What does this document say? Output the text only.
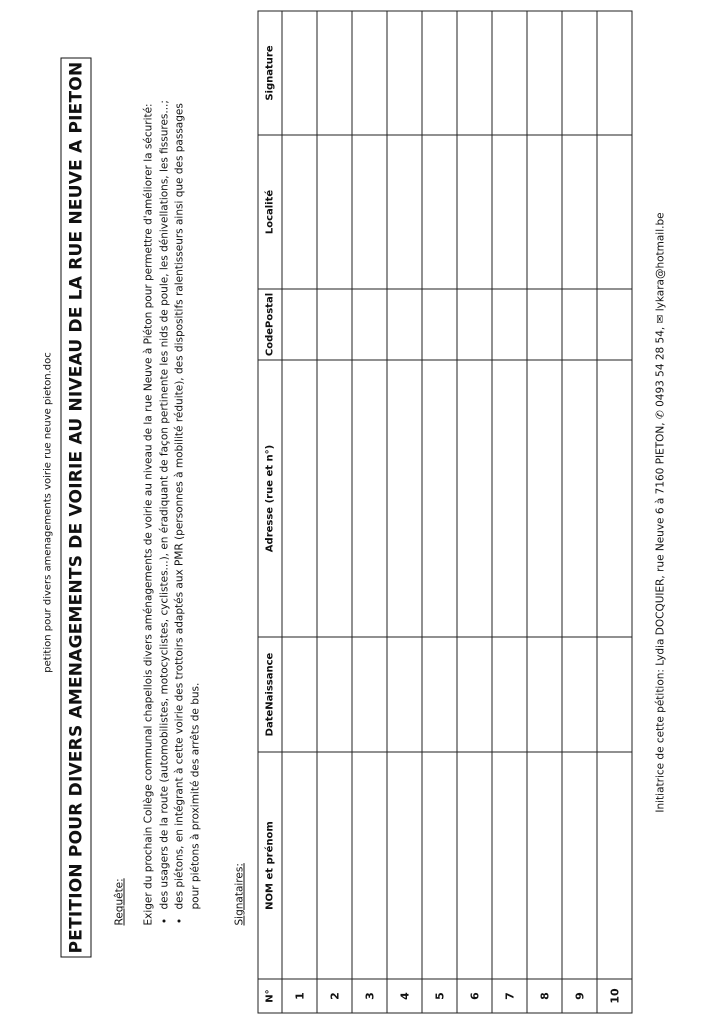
petition pour divers amenagements voirie rue neuve pieton.doc PETITION POUR DIVERS AMENAGEMENTS DE VOIRIE AU NIVEAU DE LA RUE NEUVE A PIETON	Requête: Exiger du prochain Collège communal chapellois divers aménagements de voirie au niveau de la rue Neuve à Piéton pour permettre d'améliorer la sécurité: • des usagers de la route (automobilistes, motocyclistes, cyclistes...), en éradiquant de façon pertinente les nids de poule, les dénivellations, les fissures...; • des piétons, en intégrant à cette voirie des trottoirs adaptés aux PMR (personnes à mobilité réduite), des dispositifs ralentisseurs ainsi que des passages pour piétons à proximité des arrêts de bus.	Signataires:
N°	NOM et prénom	DateNaissance	Adresse (rue et n°)	CodePostal	Localité	Signature
1						
2						
3						
4						
5						
6						
7						
8						
9						
10						
Initiatrice de cette pétition: Lydia DOCQUIER, rue Neuve 6 à 7160 PIETON, ✆ 0493 54 28 54, ✉ lykara@hotmail.be
